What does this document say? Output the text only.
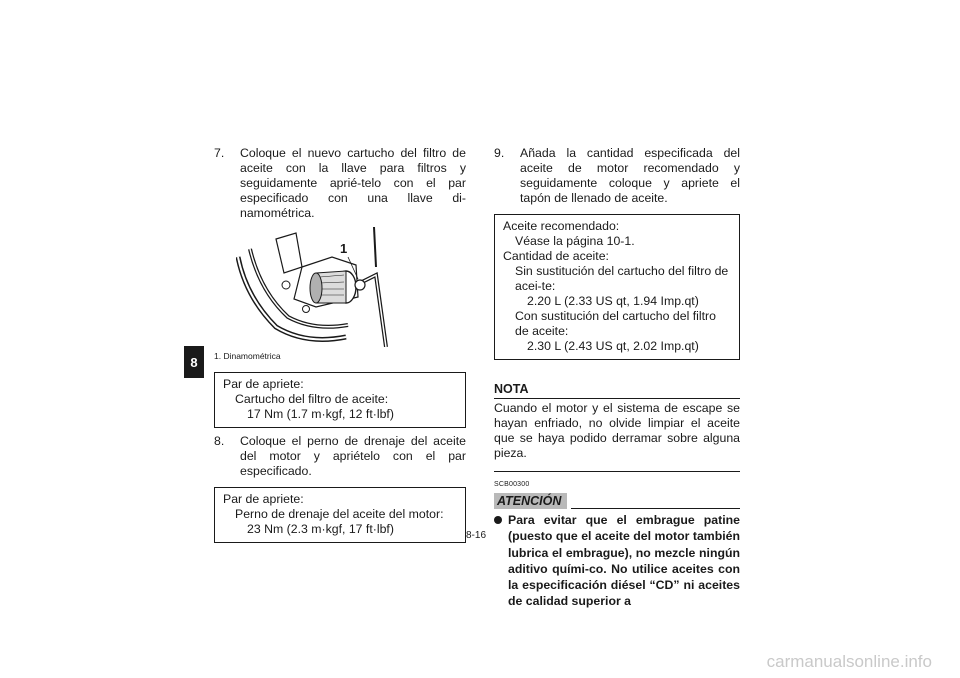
8
7. Coloque el nuevo cartucho del filtro de aceite con la llave para filtros y seguidamente aprié-telo con el par especificado con una llave di-namométrica.
1
1. Dinamométrica
Par de apriete:
Cartucho del filtro de aceite:
17 Nm (1.7 m·kgf, 12 ft·lbf)
8. Coloque el perno de drenaje del aceite del motor y apriételo con el par especificado.
Par de apriete:
Perno de drenaje del aceite del motor:
23 Nm (2.3 m·kgf, 17 ft·lbf)
9. Añada la cantidad especificada del aceite de motor recomendado y seguidamente coloque y apriete el tapón de llenado de aceite.
Aceite recomendado:
Véase la página 10-1.
Cantidad de aceite:
Sin sustitución del cartucho del filtro de acei-te:
2.20 L (2.33 US qt, 1.94 Imp.qt)
Con sustitución del cartucho del filtro de aceite:
2.30 L (2.43 US qt, 2.02 Imp.qt)
NOTA
Cuando el motor y el sistema de escape se hayan enfriado, no olvide limpiar el aceite que se haya podido derramar sobre alguna pieza.
SCB00300
ATENCIÓN
Para evitar que el embrague patine (puesto que el aceite del motor también lubrica el embrague), no mezcle ningún aditivo quími-co. No utilice aceites con la especificación diésel “CD” ni aceites de calidad superior a
8-16
carmanualsonline.info
